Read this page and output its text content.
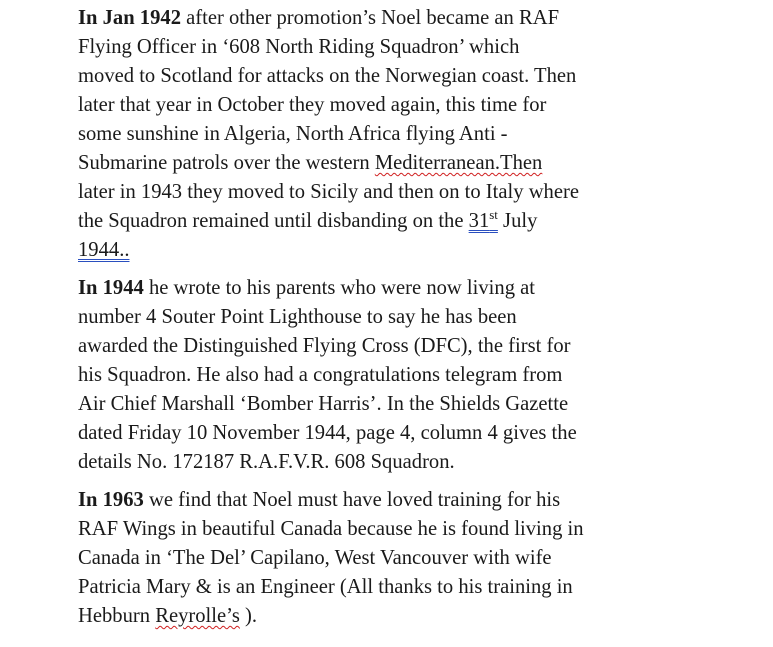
In Jan 1942 after other promotion’s Noel became an RAF
Flying Officer in ‘608 North Riding Squadron’ which
moved to Scotland for attacks on the Norwegian coast. Then
later that year in October they moved again, this time for
some sunshine in Algeria, North Africa flying Anti -
Submarine patrols over the western Mediterranean.Then
later in 1943 they moved to Sicily and then on to Italy where
the Squadron remained until disbanding on the 31st July
1944..

In 1944 he wrote to his parents who were now living at
number 4 Souter Point Lighthouse to say he has been
awarded the Distinguished Flying Cross (DFC), the first for
his Squadron. He also had a congratulations telegram from
Air Chief Marshall ‘Bomber Harris’. In the Shields Gazette
dated Friday 10 November 1944, page 4, column 4 gives the
details No. 172187 R.A.F.V.R. 608 Squadron.

In 1963 we find that Noel must have loved training for his
RAF Wings in beautiful Canada because he is found living in
Canada in ‘The Del’ Capilano, West Vancouver with wife
Patricia Mary & is an Engineer (All thanks to his training in
Hebburn Reyrolle’s ).
